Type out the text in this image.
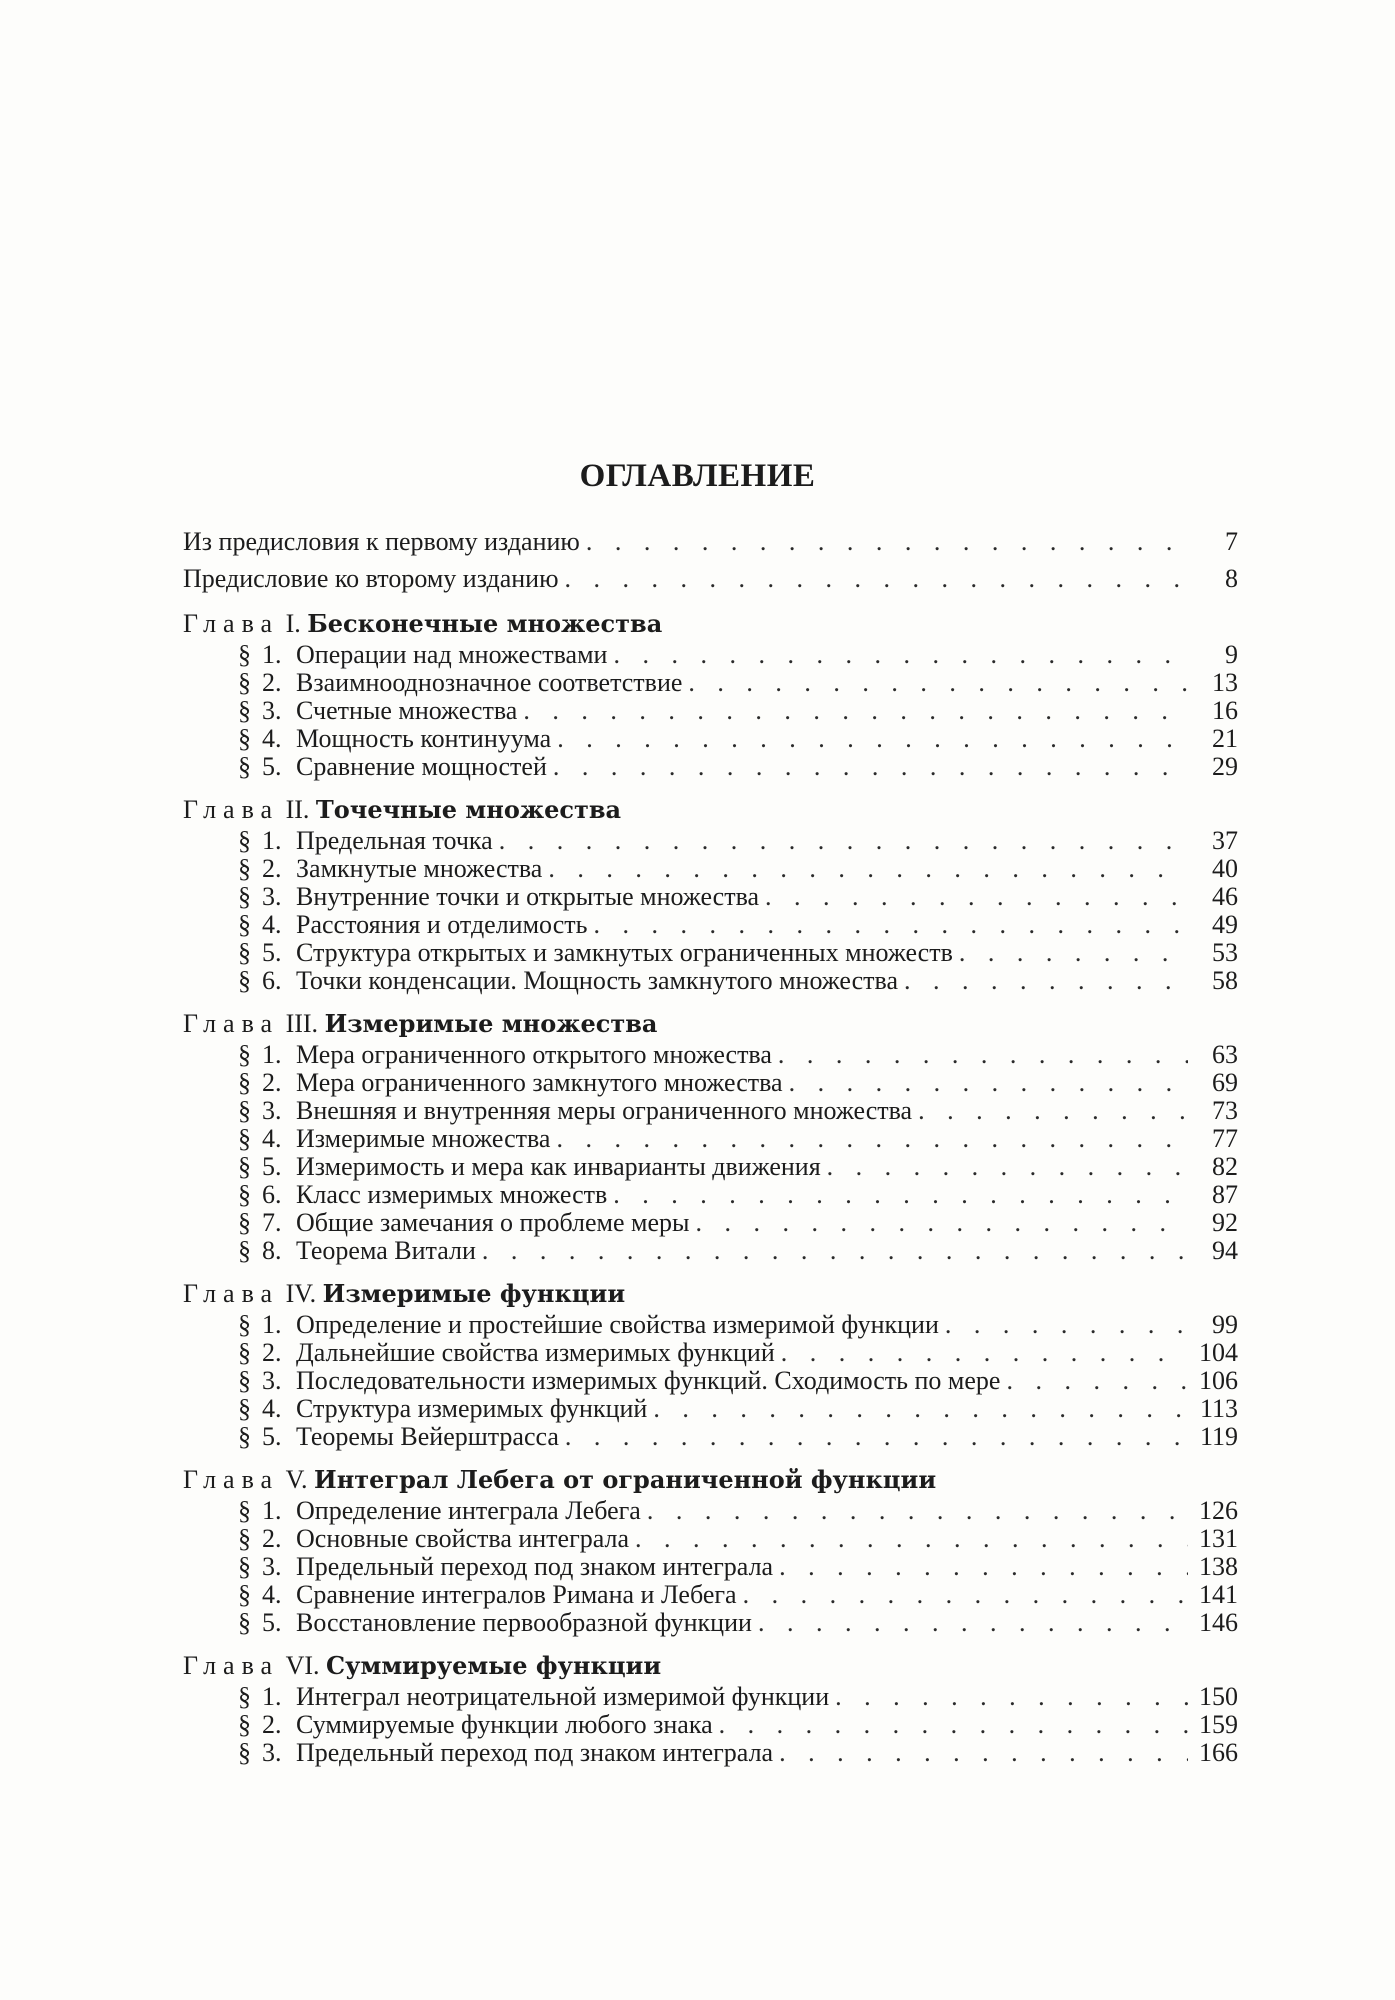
ОГЛАВЛЕНИЕ
Из предисловия к первому изданию . . .	7
Предисловие ко второму изданию . . .	8
Глава I. Бесконечные множества
§ 1. Операции над множествами . . .	9
§ 2. Взаимнооднозначное соответствие . . .	13
§ 3. Счетные множества . . .	16
§ 4. Мощность континуума . . .	21
§ 5. Сравнение мощностей . . .	29
Глава II. Точечные множества
§ 1. Предельная точка . . .	37
§ 2. Замкнутые множества . . .	40
§ 3. Внутренние точки и открытые множества . . .	46
§ 4. Расстояния и отделимость . . .	49
§ 5. Структура открытых и замкнутых ограниченных множеств . . .	53
§ 6. Точки конденсации. Мощность замкнутого множества . . .	58
Глава III. Измеримые множества
§ 1. Мера ограниченного открытого множества . . .	63
§ 2. Мера ограниченного замкнутого множества . . .	69
§ 3. Внешняя и внутренняя меры ограниченного множества . . .	73
§ 4. Измеримые множества . . .	77
§ 5. Измеримость и мера как инварианты движения . . .	82
§ 6. Класс измеримых множеств . . .	87
§ 7. Общие замечания о проблеме меры . . .	92
§ 8. Теорема Витали . . .	94
Глава IV. Измеримые функции
§ 1. Определение и простейшие свойства измеримой функции . . .	99
§ 2. Дальнейшие свойства измеримых функций . . .	104
§ 3. Последовательности измеримых функций. Сходимость по мере . . .	106
§ 4. Структура измеримых функций . . .	113
§ 5. Теоремы Вейерштрасса . . .	119
Глава V. Интеграл Лебега от ограниченной функции
§ 1. Определение интеграла Лебега . . .	126
§ 2. Основные свойства интеграла . . .	131
§ 3. Предельный переход под знаком интеграла . . .	138
§ 4. Сравнение интегралов Римана и Лебега . . .	141
§ 5. Восстановление первообразной функции . . .	146
Глава VI. Суммируемые функции
§ 1. Интеграл неотрицательной измеримой функции . . .	150
§ 2. Суммируемые функции любого знака . . .	159
§ 3. Предельный переход под знаком интеграла . . .	166
